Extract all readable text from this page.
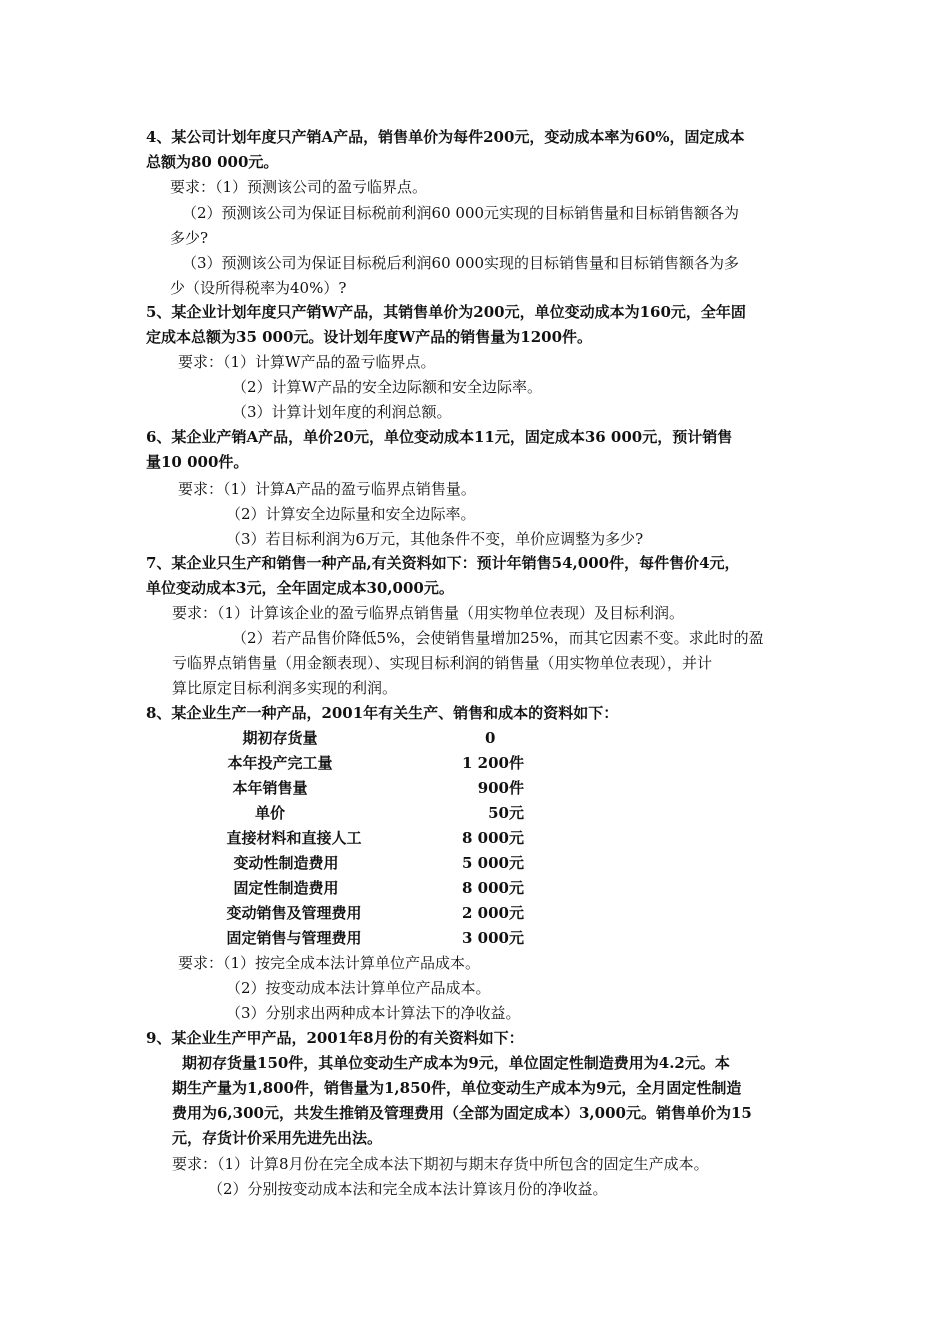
4、某公司计划年度只产销A产品，销售单价为每件200元，变动成本率为60%，固定成本
总额为80 000元。
要求：（1）预测该公司的盈亏临界点。
（2）预测该公司为保证目标税前利润60 000元实现的目标销售量和目标销售额各为
多少?
（3）预测该公司为保证目标税后利润60 000实现的目标销售量和目标销售额各为多
少（设所得税率为40%）?
5、某企业计划年度只产销W产品，其销售单价为200元，单位变动成本为160元，全年固
定成本总额为35 000元。设计划年度W产品的销售量为1200件。
要求：（1）计算W产品的盈亏临界点。
（2）计算W产品的安全边际额和安全边际率。
（3）计算计划年度的利润总额。
6、某企业产销A产品，单价20元，单位变动成本11元，固定成本36 000元，预计销售
量10 000件。
要求：（1）计算A产品的盈亏临界点销售量。
（2）计算安全边际量和安全边际率。
（3）若目标利润为6万元，其他条件不变，单价应调整为多少?
7、某企业只生产和销售一种产品,有关资料如下：预计年销售54,000件，每件售价4元，
单位变动成本3元，全年固定成本30,000元。
要求：（1）计算该企业的盈亏临界点销售量（用实物单位表现）及目标利润。
（2）若产品售价降低5%，会使销售量增加25%，而其它因素不变。求此时的盈
亏临界点销售量（用金额表现）、实现目标利润的销售量（用实物单位表现），并计
算比原定目标利润多实现的利润。
8、某企业生产一种产品，2001年有关生产、销售和成本的资料如下：
期初存货量	0
本年投产完工量	1 200件
本年销售量	900件
单价	50元
直接材料和直接人工	8 000元
变动性制造费用	5 000元
固定性制造费用	8 000元
变动销售及管理费用	2 000元
固定销售与管理费用	3 000元
要求：（1）按完全成本法计算单位产品成本。
（2）按变动成本法计算单位产品成本。
（3）分别求出两种成本计算法下的净收益。
9、某企业生产甲产品，2001年8月份的有关资料如下：
期初存货量150件，其单位变动生产成本为9元，单位固定性制造费用为4.2元。本
期生产量为1,800件，销售量为1,850件，单位变动生产成本为9元，全月固定性制造
费用为6,300元，共发生推销及管理费用（全部为固定成本）3,000元。销售单价为15
元，存货计价采用先进先出法。
要求：（1）计算8月份在完全成本法下期初与期末存货中所包含的固定生产成本。
（2）分别按变动成本法和完全成本法计算该月份的净收益。
